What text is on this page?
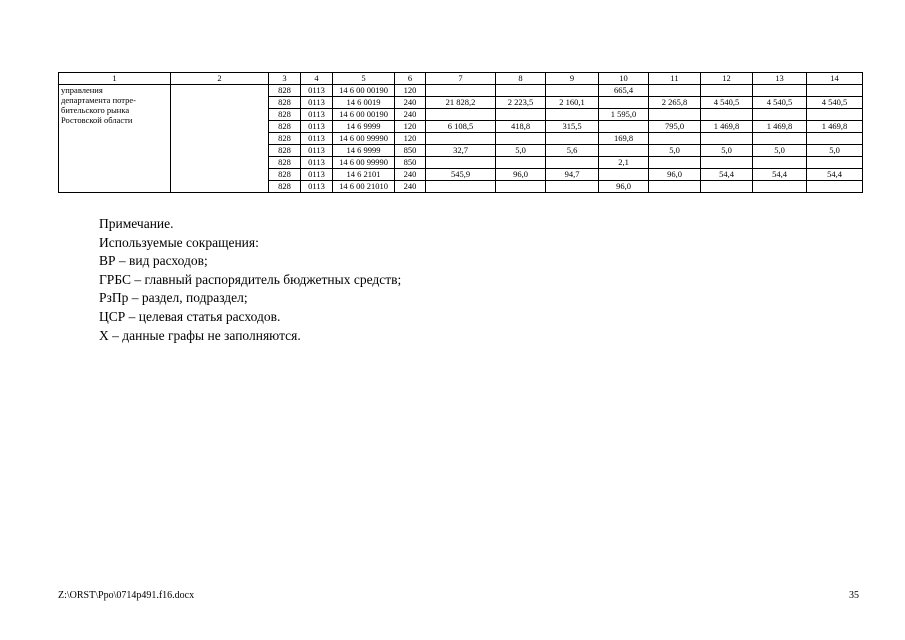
1	2	3	4	5	6	7	8	9	10	11	12	13	14

управления
департамента потре-
бительского рынка
Ростовской области		828	0113	14 6 00 00190	120				665,4				
		828	0113	14 6 0019	240	21 828,2	2 223,5	2 160,1		2 265,8	4 540,5	4 540,5	4 540,5
		828	0113	14 6 00 00190	240				1 595,0				
		828	0113	14 6 9999	120	6 108,5	418,8	315,5		795,0	1 469,8	1 469,8	1 469,8
		828	0113	14 6 00 99990	120				169,8				
		828	0113	14 6 9999	850	32,7	5,0	5,6		5,0	5,0	5,0	5,0
		828	0113	14 6 00 99990	850				2,1				
		828	0113	14 6 2101	240	545,9	96,0	94,7		96,0	54,4	54,4	54,4
		828	0113	14 6 00 21010	240				96,0				
Примечание.
Используемые сокращения:
ВР – вид расходов;
ГРБС – главный распорядитель бюджетных средств;
РзПр – раздел, подраздел;
ЦСР – целевая статья расходов.
Х – данные графы не заполняются.
Z:\ORST\Ppo\0714p491.f16.docx	35
